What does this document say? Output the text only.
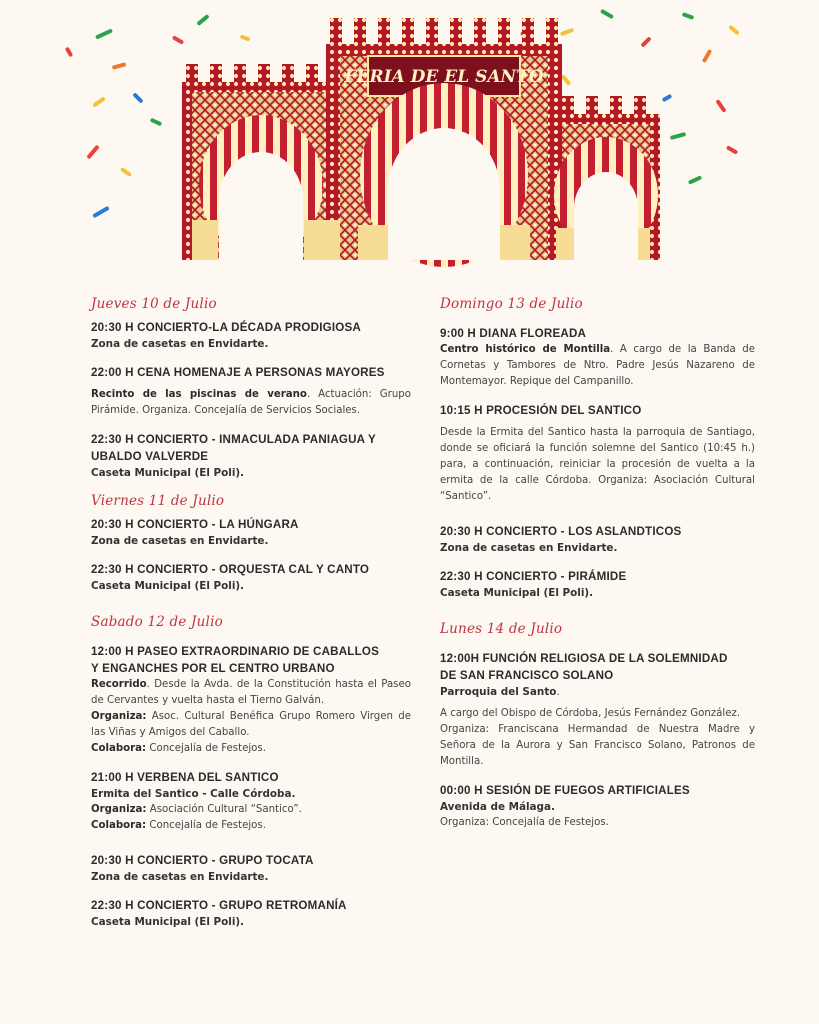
FERIA DE EL SANTO
Jueves 10 de Julio
20:30 H CONCIERTO-LA DÉCADA PRODIGIOSA
Zona de casetas en Envidarte.
22:00 H CENA HOMENAJE A PERSONAS MAYORES
Recinto de las piscinas de verano. Actuación: Grupo Pirámide. Organiza. Concejalía de Servicios Sociales.
22:30 H CONCIERTO - INMACULADA PANIAGUA Y
UBALDO VALVERDE
Caseta Municipal (El Poli).
Viernes 11 de Julio
20:30 H CONCIERTO - LA HÚNGARA
Zona de casetas en Envidarte.
22:30 H CONCIERTO - ORQUESTA CAL Y CANTO
Caseta Municipal (El Poli).
Sabado 12 de Julio
12:00 H PASEO EXTRAORDINARIO DE CABALLOS
Y ENGANCHES POR EL CENTRO URBANO
Recorrido. Desde la Avda. de la Constitución hasta el Paseo de Cervantes y vuelta hasta el Tierno Galván.
Organiza: Asoc. Cultural Benéfica Grupo Romero Virgen de las Viñas y Amigos del Caballo.
Colabora: Concejalía de Festejos.
21:00 H VERBENA DEL SANTICO
Ermita del Santico - Calle Córdoba.
Organiza: Asociación Cultural “Santico”.
Colabora: Concejalía de Festejos.
20:30 H CONCIERTO - GRUPO TOCATA
Zona de casetas en Envidarte.
22:30 H CONCIERTO - GRUPO RETROMANÍA
Caseta Municipal (El Poli).
Domingo 13 de Julio
9:00 H DIANA FLOREADA
Centro histórico de Montilla. A cargo de la Banda de Cornetas y Tambores de Ntro. Padre Jesús Nazareno de Montemayor. Repique del Campanillo.
10:15 H PROCESIÓN DEL SANTICO
Desde la Ermita del Santico hasta la parroquia de Santiago, donde se oficiará la función solemne del Santico (10:45 h.) para, a continuación, reiniciar la procesión de vuelta a la ermita de la calle Córdoba. Organiza: Asociación Cultural “Santico”.
20:30 H CONCIERTO - LOS ASLANDTICOS
Zona de casetas en Envidarte.
22:30 H CONCIERTO - PIRÁMIDE
Caseta Municipal (El Poli).
Lunes 14 de Julio
12:00H FUNCIÓN RELIGIOSA DE LA SOLEMNIDAD
DE SAN FRANCISCO SOLANO
Parroquia del Santo.
A cargo del Obispo de Córdoba, Jesús Fernández González.
Organiza: Franciscana Hermandad de Nuestra Madre y Señora de la Aurora y San Francisco Solano, Patronos de Montilla.
00:00 H SESIÓN DE FUEGOS ARTIFICIALES
Avenida de Málaga.
Organiza: Concejalía de Festejos.
